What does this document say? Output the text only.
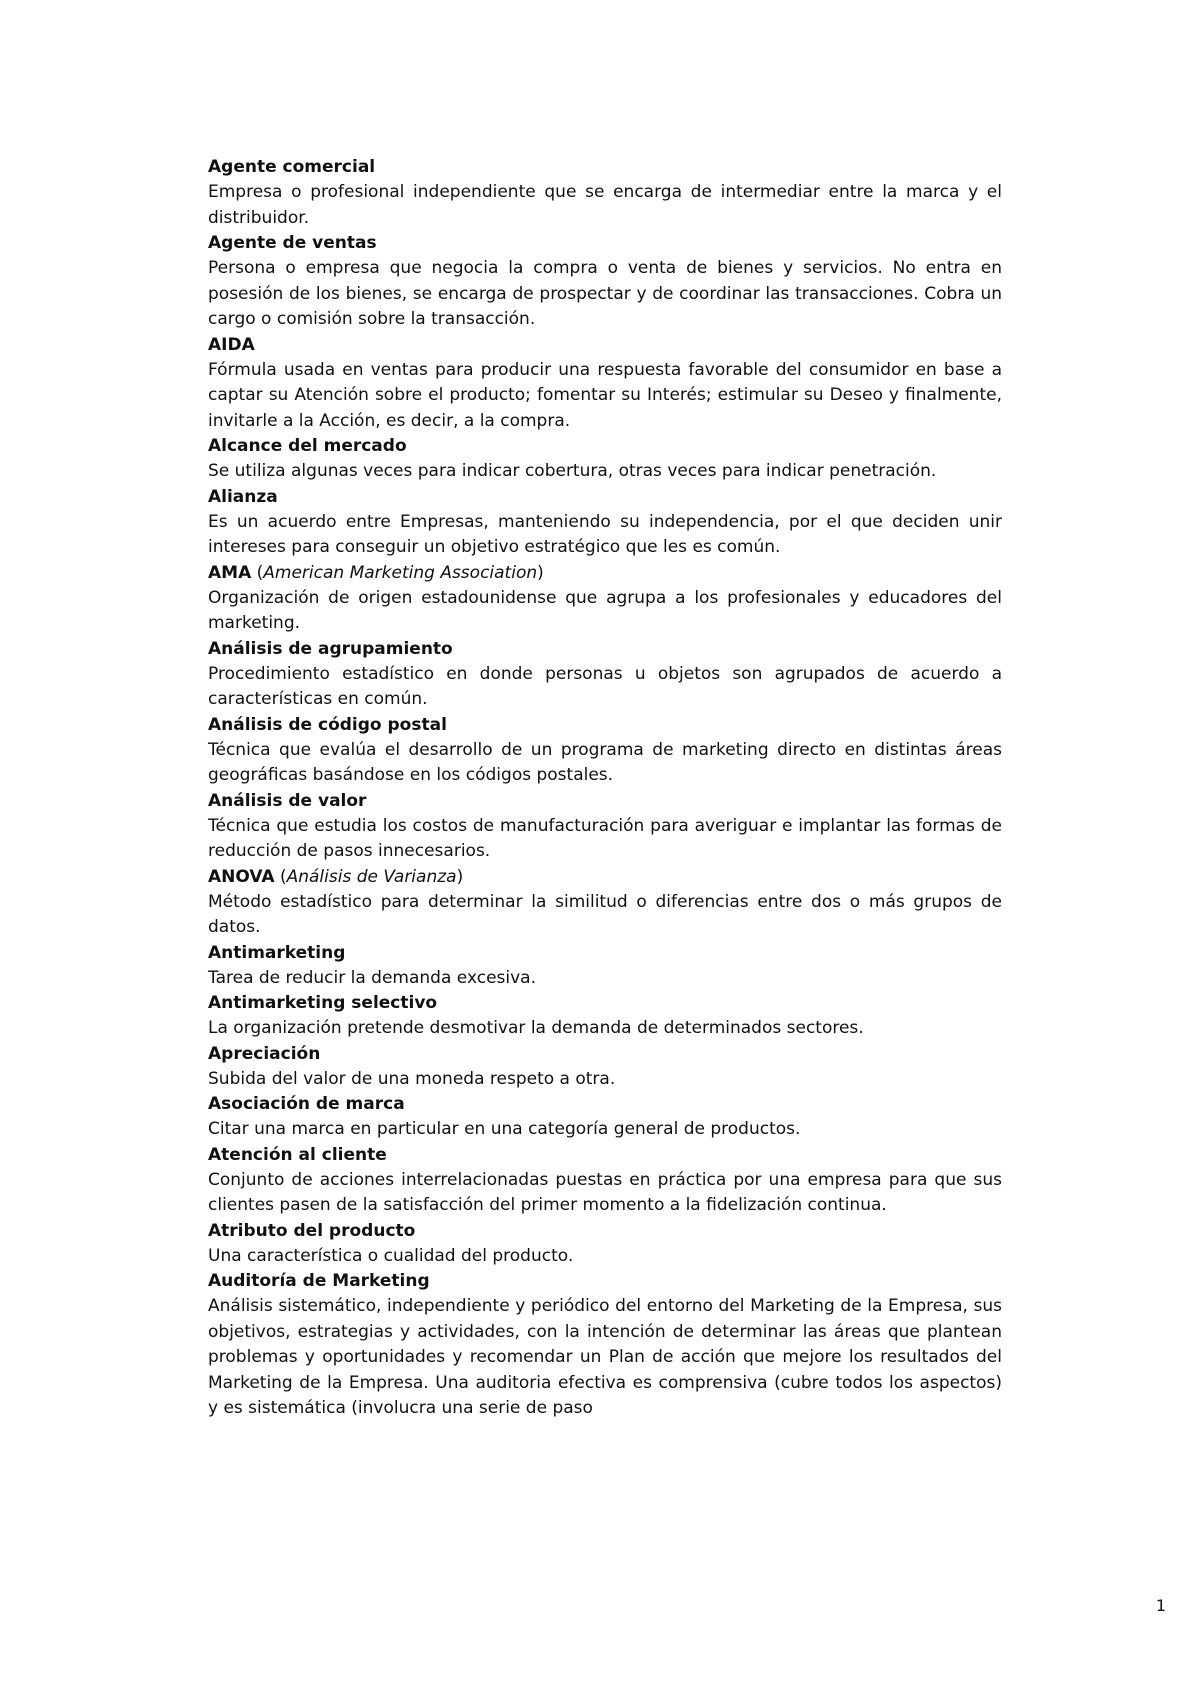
Agente comercial

Empresa o profesional independiente que se encarga de intermediar entre la marca y el distribuidor.

Agente de ventas

Persona o empresa que negocia la compra o venta de bienes y servicios. No entra en posesión de los bienes, se encarga de prospectar y de coordinar las transacciones. Cobra un cargo o comisión sobre la transacción.

AIDA

Fórmula usada en ventas para producir una respuesta favorable del consumidor en base a captar su Atención sobre el producto; fomentar su Interés; estimular su Deseo y finalmente, invitarle a la Acción, es decir, a la compra.

Alcance del mercado

Se utiliza algunas veces para indicar cobertura, otras veces para indicar penetración.

Alianza

Es un acuerdo entre Empresas, manteniendo su independencia, por el que deciden unir intereses para conseguir un objetivo estratégico que les es común.

AMA (American Marketing Association)

Organización de origen estadounidense que agrupa a los profesionales y educadores del marketing.

Análisis de agrupamiento

Procedimiento estadístico en donde personas u objetos son agrupados de acuerdo a características en común.

Análisis de código postal

Técnica que evalúa el desarrollo de un programa de marketing directo en distintas áreas geográficas basándose en los códigos postales.

Análisis de valor

Técnica que estudia los costos de manufacturación para averiguar e implantar las formas de reducción de pasos innecesarios.

ANOVA (Análisis de Varianza)

Método estadístico para determinar la similitud o diferencias entre dos o más grupos de datos.

Antimarketing

Tarea de reducir la demanda excesiva.

Antimarketing selectivo

La organización pretende desmotivar la demanda de determinados sectores.

Apreciación

Subida del valor de una moneda respeto a otra.

Asociación de marca

Citar una marca en particular en una categoría general de productos.

Atención al cliente

Conjunto de acciones interrelacionadas puestas en práctica por una empresa para que sus clientes pasen de la satisfacción del primer momento a la fidelización continua.

Atributo del producto

Una característica o cualidad del producto.

Auditoría de Marketing

Análisis sistemático, independiente y periódico del entorno del Marketing de la Empresa, sus objetivos, estrategias y actividades, con la intención de determinar las áreas que plantean problemas y oportunidades y recomendar un Plan de acción que mejore los resultados del Marketing de la Empresa. Una auditoria efectiva es comprensiva (cubre todos los aspectos) y es sistemática (involucra una serie de paso

1
